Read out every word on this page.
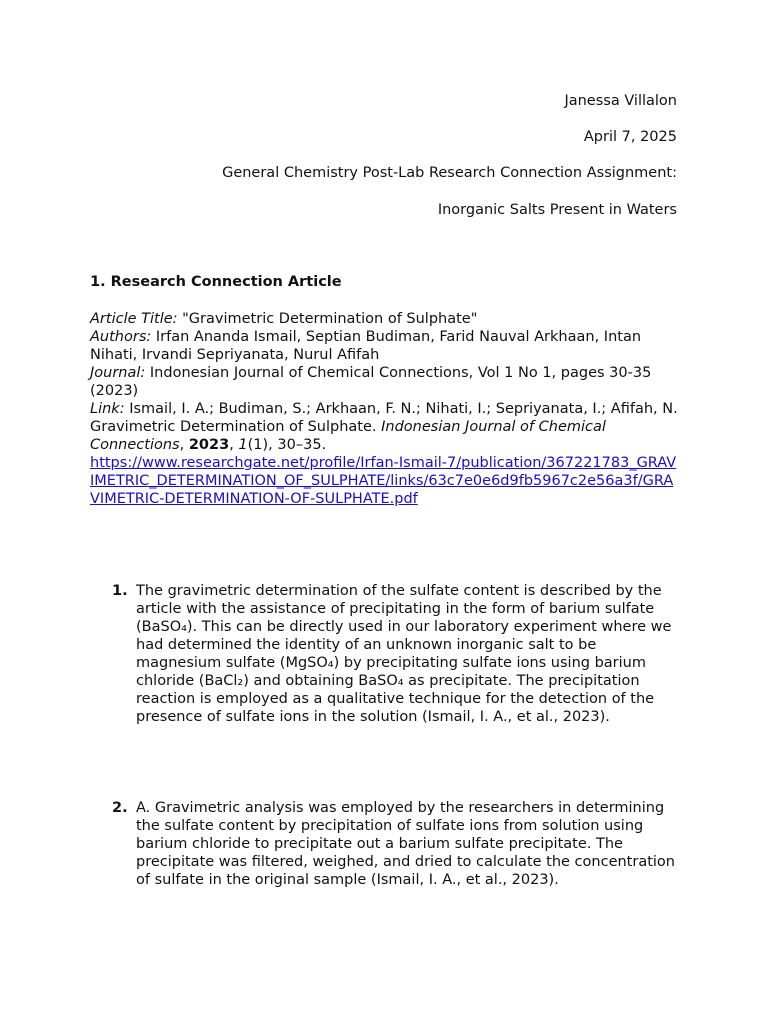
Janessa Villalon
April 7, 2025
General Chemistry Post-Lab Research Connection Assignment:
Inorganic Salts Present in Waters
1. Research Connection Article

Article Title: "Gravimetric Determination of Sulphate"

Authors: Irfan Ananda Ismail, Septian Budiman, Farid Nauval Arkhaan, Intan Nihati, Irvandi Sepriyanata, Nurul Afifah

Journal: Indonesian Journal of Chemical Connections, Vol 1 No 1, pages 30-35 (2023)

Link: Ismail, I. A.; Budiman, S.; Arkhaan, F. N.; Nihati, I.; Sepriyanata, I.; Afifah, N. Gravimetric Determination of Sulphate. Indonesian Journal of Chemical Connections, 2023, 1(1), 30–35.

https://www.researchgate.net/profile/Irfan-Ismail-7/publication/367221783_GRAVIMETRIC_DETERMINATION_OF_SULPHATE/links/63c7e0e6d9fb5967c2e56a3f/GRAVIMETRIC-DETERMINATION-OF-SULPHATE.pdf

1. The gravimetric determination of the sulfate content is described by the article with the assistance of precipitating in the form of barium sulfate (BaSO₄). This can be directly used in our laboratory experiment where we had determined the identity of an unknown inorganic salt to be magnesium sulfate (MgSO₄) by precipitating sulfate ions using barium chloride (BaCl₂) and obtaining BaSO₄ as precipitate. The precipitation reaction is employed as a qualitative technique for the detection of the presence of sulfate ions in the solution (Ismail, I. A., et al., 2023).
2. A. Gravimetric analysis was employed by the researchers in determining the sulfate content by precipitation of sulfate ions from solution using barium chloride to precipitate out a barium sulfate precipitate. The precipitate was filtered, weighed, and dried to calculate the concentration of sulfate in the original sample (Ismail, I. A., et al., 2023).
